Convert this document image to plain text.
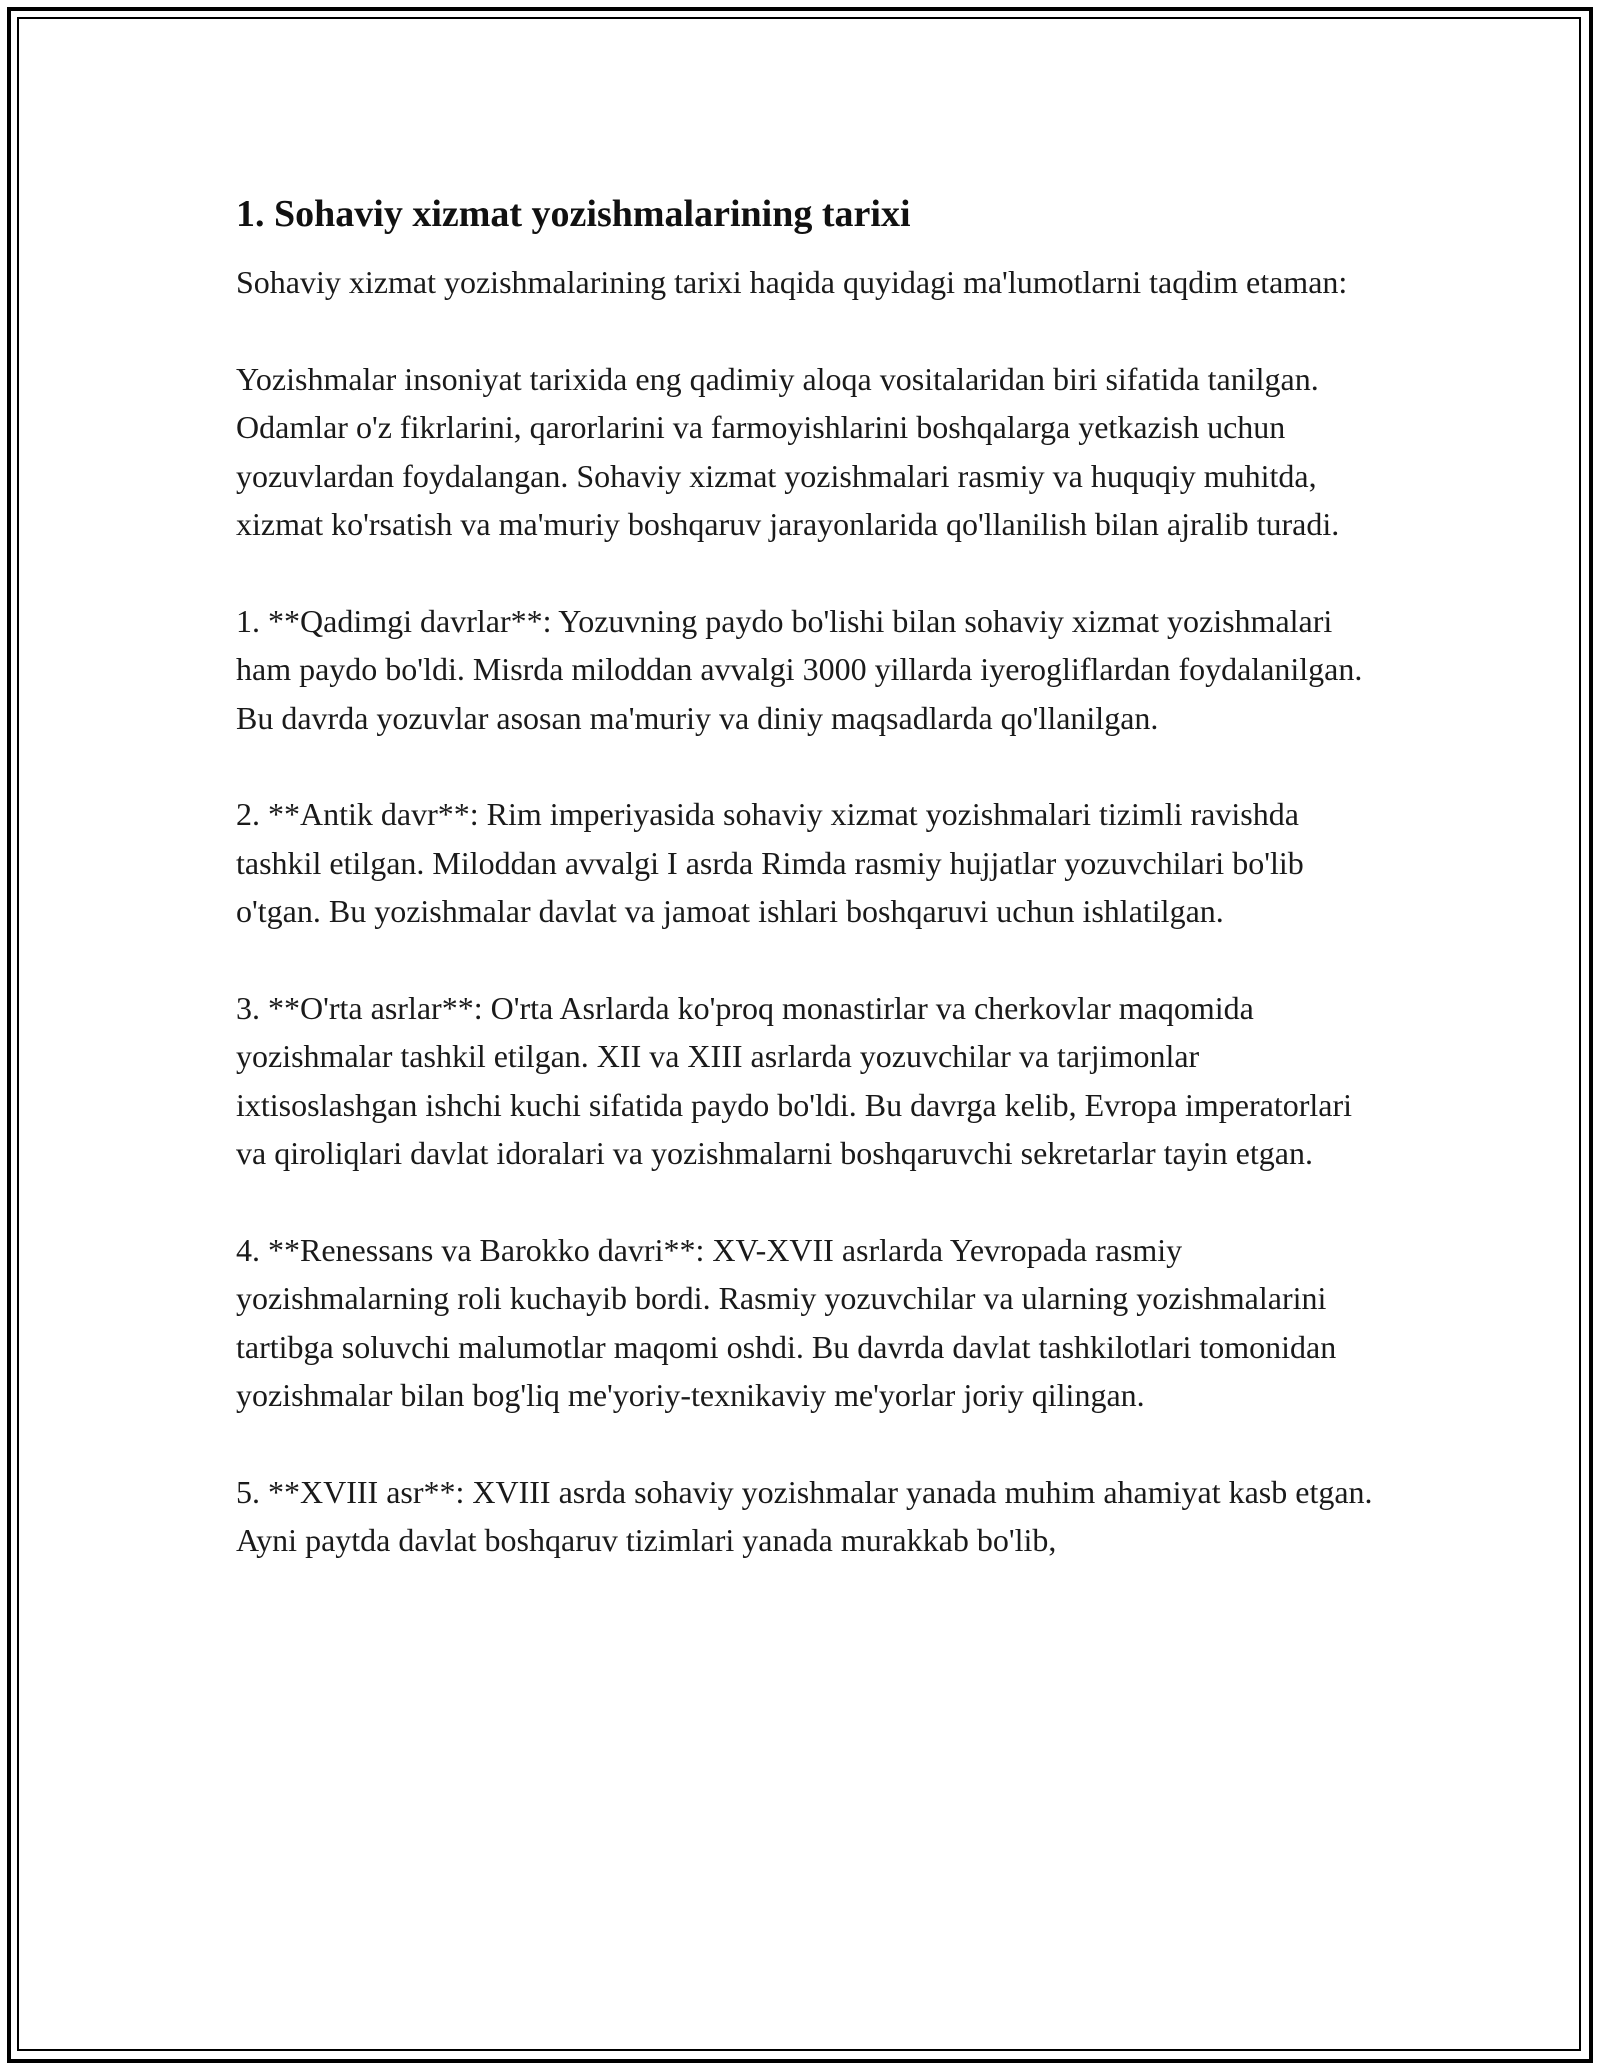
1. Sohaviy xizmat yozishmalarining tarixi

Sohaviy xizmat yozishmalarining tarixi haqida quyidagi ma'lumotlarni taqdim etaman:

Yozishmalar insoniyat tarixida eng qadimiy aloqa vositalaridan biri sifatida tanilgan. Odamlar o'z fikrlarini, qarorlarini va farmoyishlarini boshqalarga yetkazish uchun yozuvlardan foydalangan. Sohaviy xizmat yozishmalari rasmiy va huquqiy muhitda, xizmat ko'rsatish va ma'muriy boshqaruv jarayonlarida qo'llanilish bilan ajralib turadi.

1. **Qadimgi davrlar**: Yozuvning paydo bo'lishi bilan sohaviy xizmat yozishmalari ham paydo bo'ldi. Misrda miloddan avvalgi 3000 yillarda iyerogliflardan foydalanilgan. Bu davrda yozuvlar asosan ma'muriy va diniy maqsadlarda qo'llanilgan.

2. **Antik davr**: Rim imperiyasida sohaviy xizmat yozishmalari tizimli ravishda tashkil etilgan. Miloddan avvalgi I asrda Rimda rasmiy hujjatlar yozuvchilari bo'lib o'tgan. Bu yozishmalar davlat va jamoat ishlari boshqaruvi uchun ishlatilgan.

3. **O'rta asrlar**: O'rta Asrlarda ko'proq monastirlar va cherkovlar maqomida yozishmalar tashkil etilgan. XII va XIII asrlarda yozuvchilar va tarjimonlar ixtisoslashgan ishchi kuchi sifatida paydo bo'ldi. Bu davrga kelib, Evropa imperatorlari va qiroliqlari davlat idoralari va yozishmalarni boshqaruvchi sekretarlar tayin etgan.

4. **Renessans va Barokko davri**: XV-XVII asrlarda Yevropada rasmiy yozishmalarning roli kuchayib bordi. Rasmiy yozuvchilar va ularning yozishmalarini tartibga soluvchi malumotlar maqomi oshdi. Bu davrda davlat tashkilotlari tomonidan yozishmalar bilan bog'liq me'yoriy-texnikaviy me'yorlar joriy qilingan.

5. **XVIII asr**: XVIII asrda sohaviy yozishmalar yanada muhim ahamiyat kasb etgan. Ayni paytda davlat boshqaruv tizimlari yanada murakkab bo'lib,
